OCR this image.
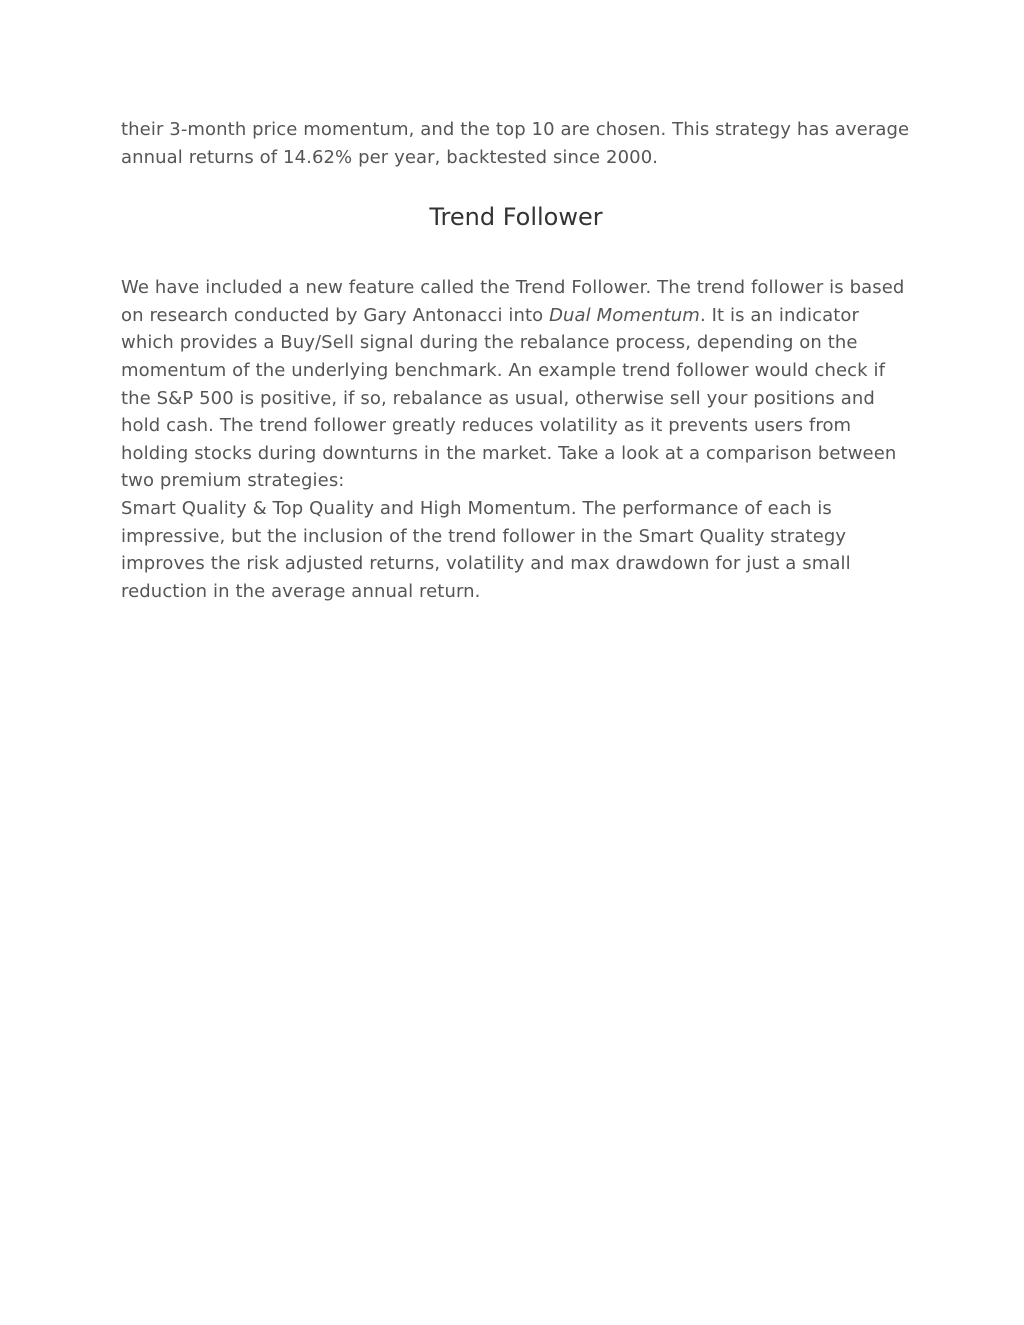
their 3-month price momentum, and the top 10 are chosen. This strategy has average annual returns of 14.62% per year, backtested since 2000.

Trend Follower

We have included a new feature called the Trend Follower. The trend follower is based on research conducted by Gary Antonacci into Dual Momentum. It is an indicator which provides a Buy/Sell signal during the rebalance process, depending on the momentum of the underlying benchmark. An example trend follower would check if the S&P 500 is positive, if so, rebalance as usual, otherwise sell your positions and hold cash. The trend follower greatly reduces volatility as it prevents users from holding stocks during downturns in the market. Take a look at a comparison between two premium strategies:
Smart Quality & Top Quality and High Momentum. The performance of each is impressive, but the inclusion of the trend follower in the Smart Quality strategy improves the risk adjusted returns, volatility and max drawdown for just a small reduction in the average annual return.
